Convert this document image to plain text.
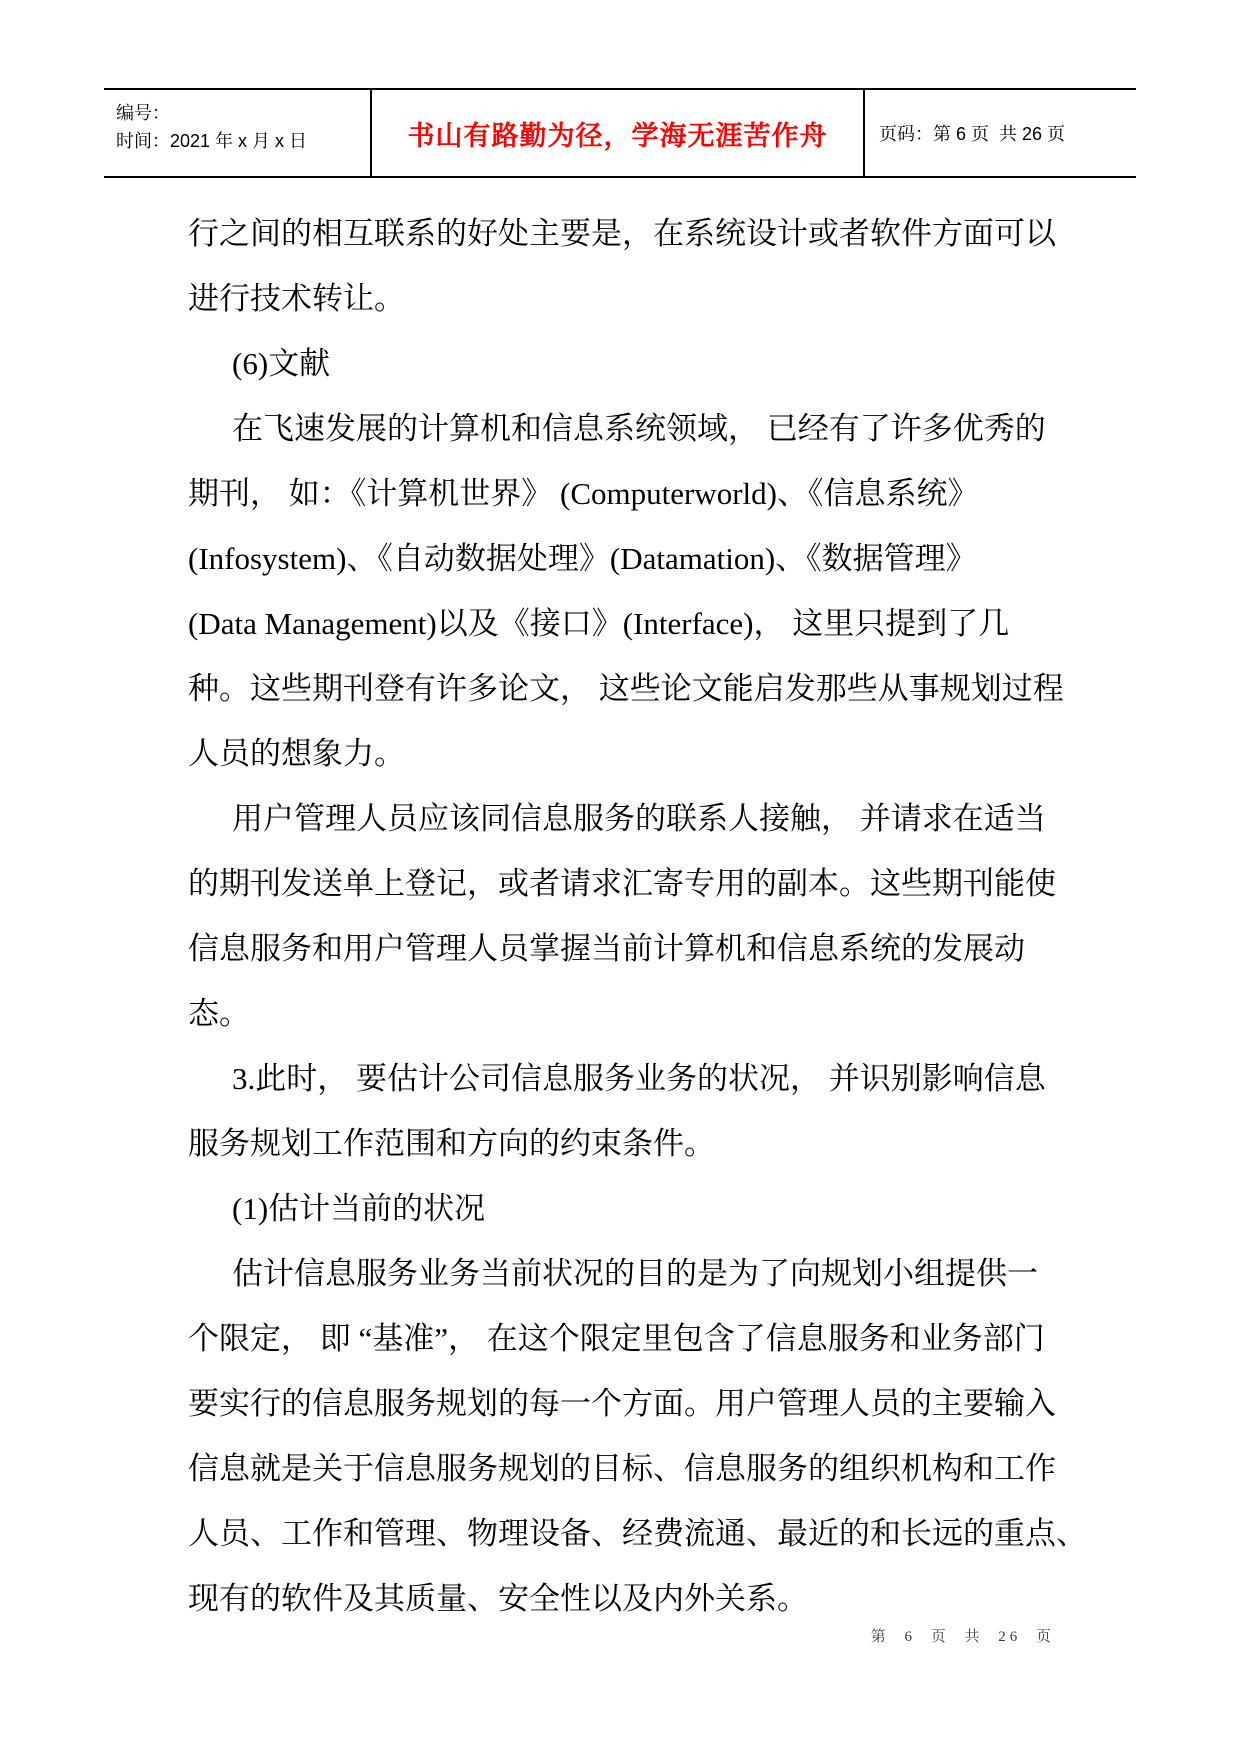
编号：
时间：2021 年 x 月 x 日	书山有路勤为径，学海无涯苦作舟	页码：第 6 页  共 26 页
行之间的相互联系的好处主要是，在系统设计或者软件方面可以
进行技术转让。
(6)文献
在飞速发展的计算机和信息系统领域， 已经有了许多优秀的
期刊， 如：《计算机世界》 (Computerworld)、《信息系统》
(Infosystem)、《自动数据处理》(Datamation)、《数据管理》
(Data Management)以及《接口》(Interface)， 这里只提到了几
种。这些期刊登有许多论文， 这些论文能启发那些从事规划过程
人员的想象力。
用户管理人员应该同信息服务的联系人接触， 并请求在适当
的期刊发送单上登记，或者请求汇寄专用的副本。这些期刊能使
信息服务和用户管理人员掌握当前计算机和信息系统的发展动
态。
3.此时， 要估计公司信息服务业务的状况， 并识别影响信息
服务规划工作范围和方向的约束条件。
(1)估计当前的状况
估计信息服务业务当前状况的目的是为了向规划小组提供一
个限定， 即 “基准”， 在这个限定里包含了信息服务和业务部门
要实行的信息服务规划的每一个方面。用户管理人员的主要输入
信息就是关于信息服务规划的目标、信息服务的组织机构和工作
人员、工作和管理、物理设备、经费流通、最近的和长远的重点、
现有的软件及其质量、安全性以及内外关系。
第 6 页 共 26 页
